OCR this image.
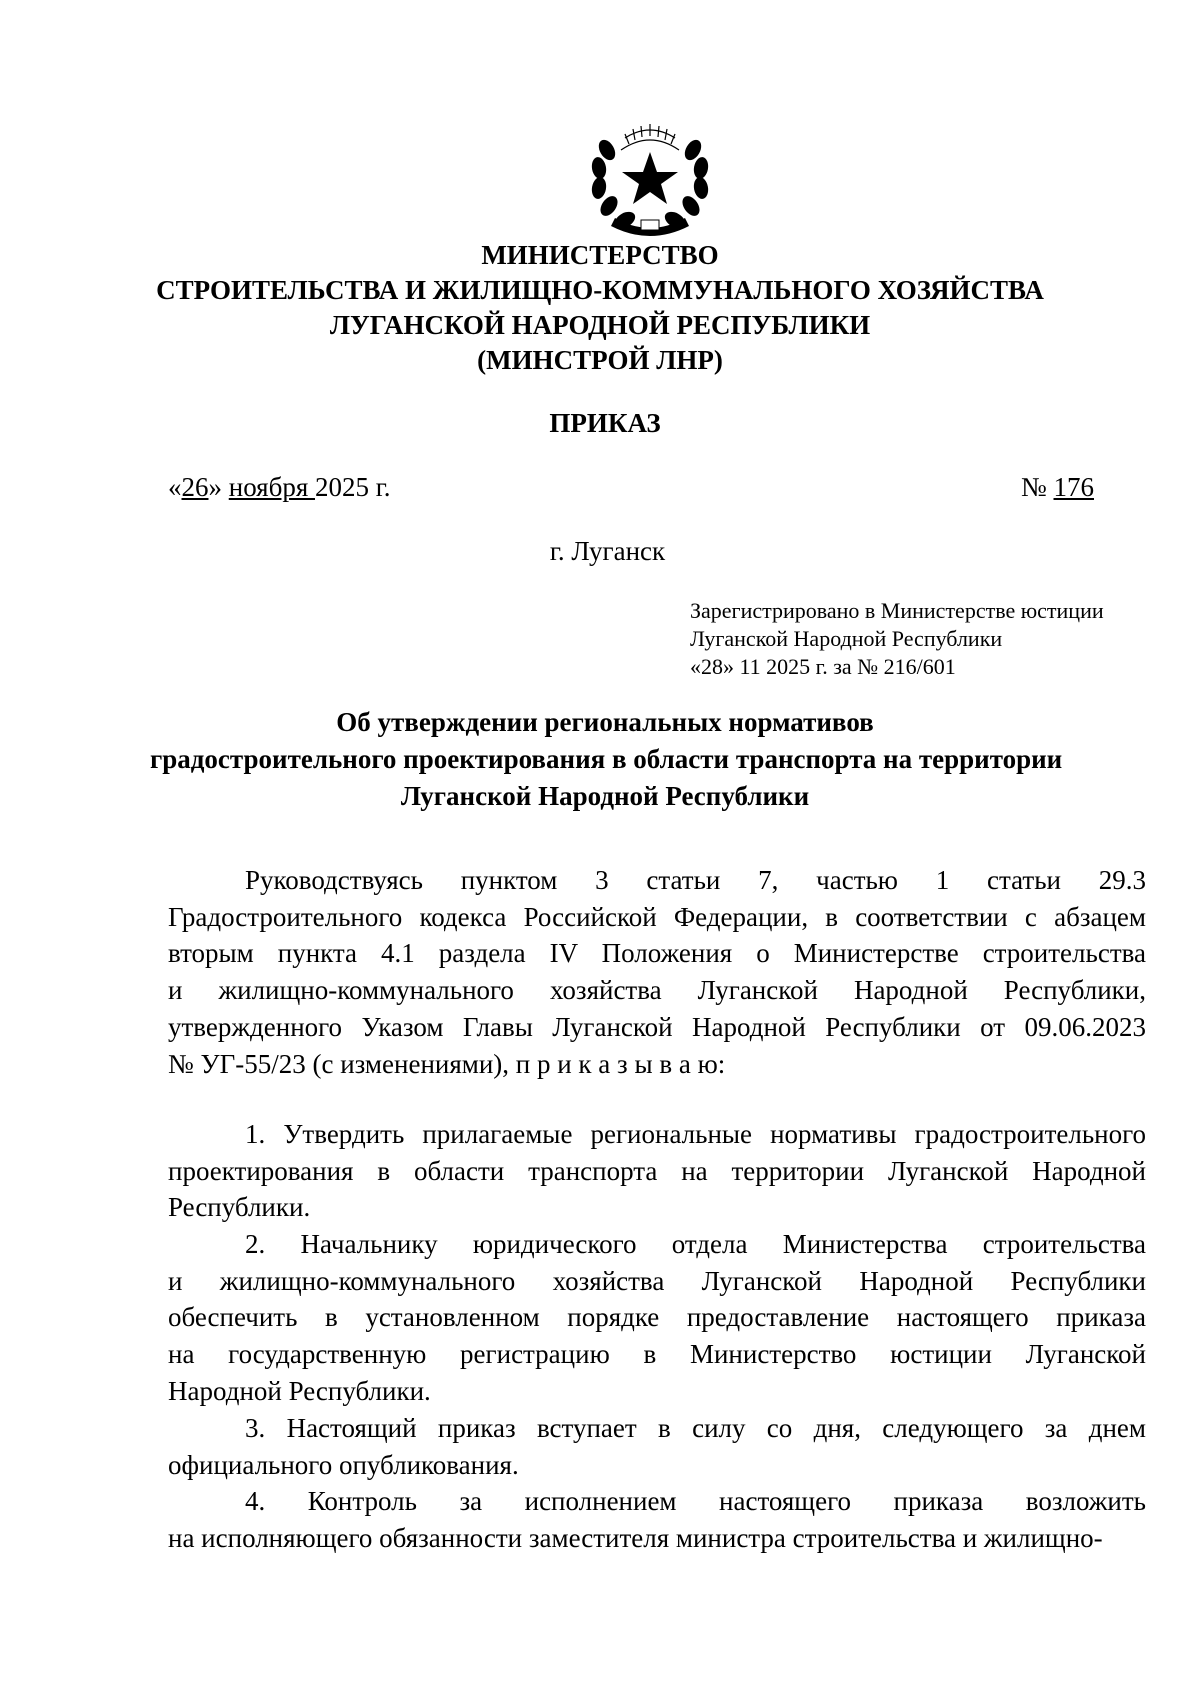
МИНИСТЕРСТВО
СТРОИТЕЛЬСТВА И ЖИЛИЩНО-КОММУНАЛЬНОГО ХОЗЯЙСТВА
ЛУГАНСКОЙ НАРОДНОЙ РЕСПУБЛИКИ
(МИНСТРОЙ ЛНР)
ПРИКАЗ
«26» ноября 2025 г.	№ 176
г. Луганск
Зарегистрировано в Министерстве юстиции
Луганской Народной Республики
«28» 11 2025 г. за № 216/601
Об утверждении региональных нормативов
градостроительного проектирования в области транспорта на территории
Луганской Народной Республики
Руководствуясь пунктом 3 статьи 7, частью 1 статьи 29.3
Градостроительного кодекса Российской Федерации, в соответствии с абзацем
вторым пункта 4.1 раздела IV Положения о Министерстве строительства
и жилищно-коммунального хозяйства Луганской Народной Республики,
утвержденного Указом Главы Луганской Народной Республики от 09.06.2023
№ УГ-55/23 (с изменениями), п р и к а з ы в а ю:
1. Утвердить прилагаемые региональные нормативы градостроительного
проектирования в области транспорта на территории Луганской Народной
Республики.
2. Начальнику юридического отдела Министерства строительства
и жилищно-коммунального хозяйства Луганской Народной Республики
обеспечить в установленном порядке предоставление настоящего приказа
на государственную регистрацию в Министерство юстиции Луганской
Народной Республики.
3. Настоящий приказ вступает в силу со дня, следующего за днем
официального опубликования.
4. Контроль за исполнением настоящего приказа возложить
на исполняющего обязанности заместителя министра строительства и жилищно-
